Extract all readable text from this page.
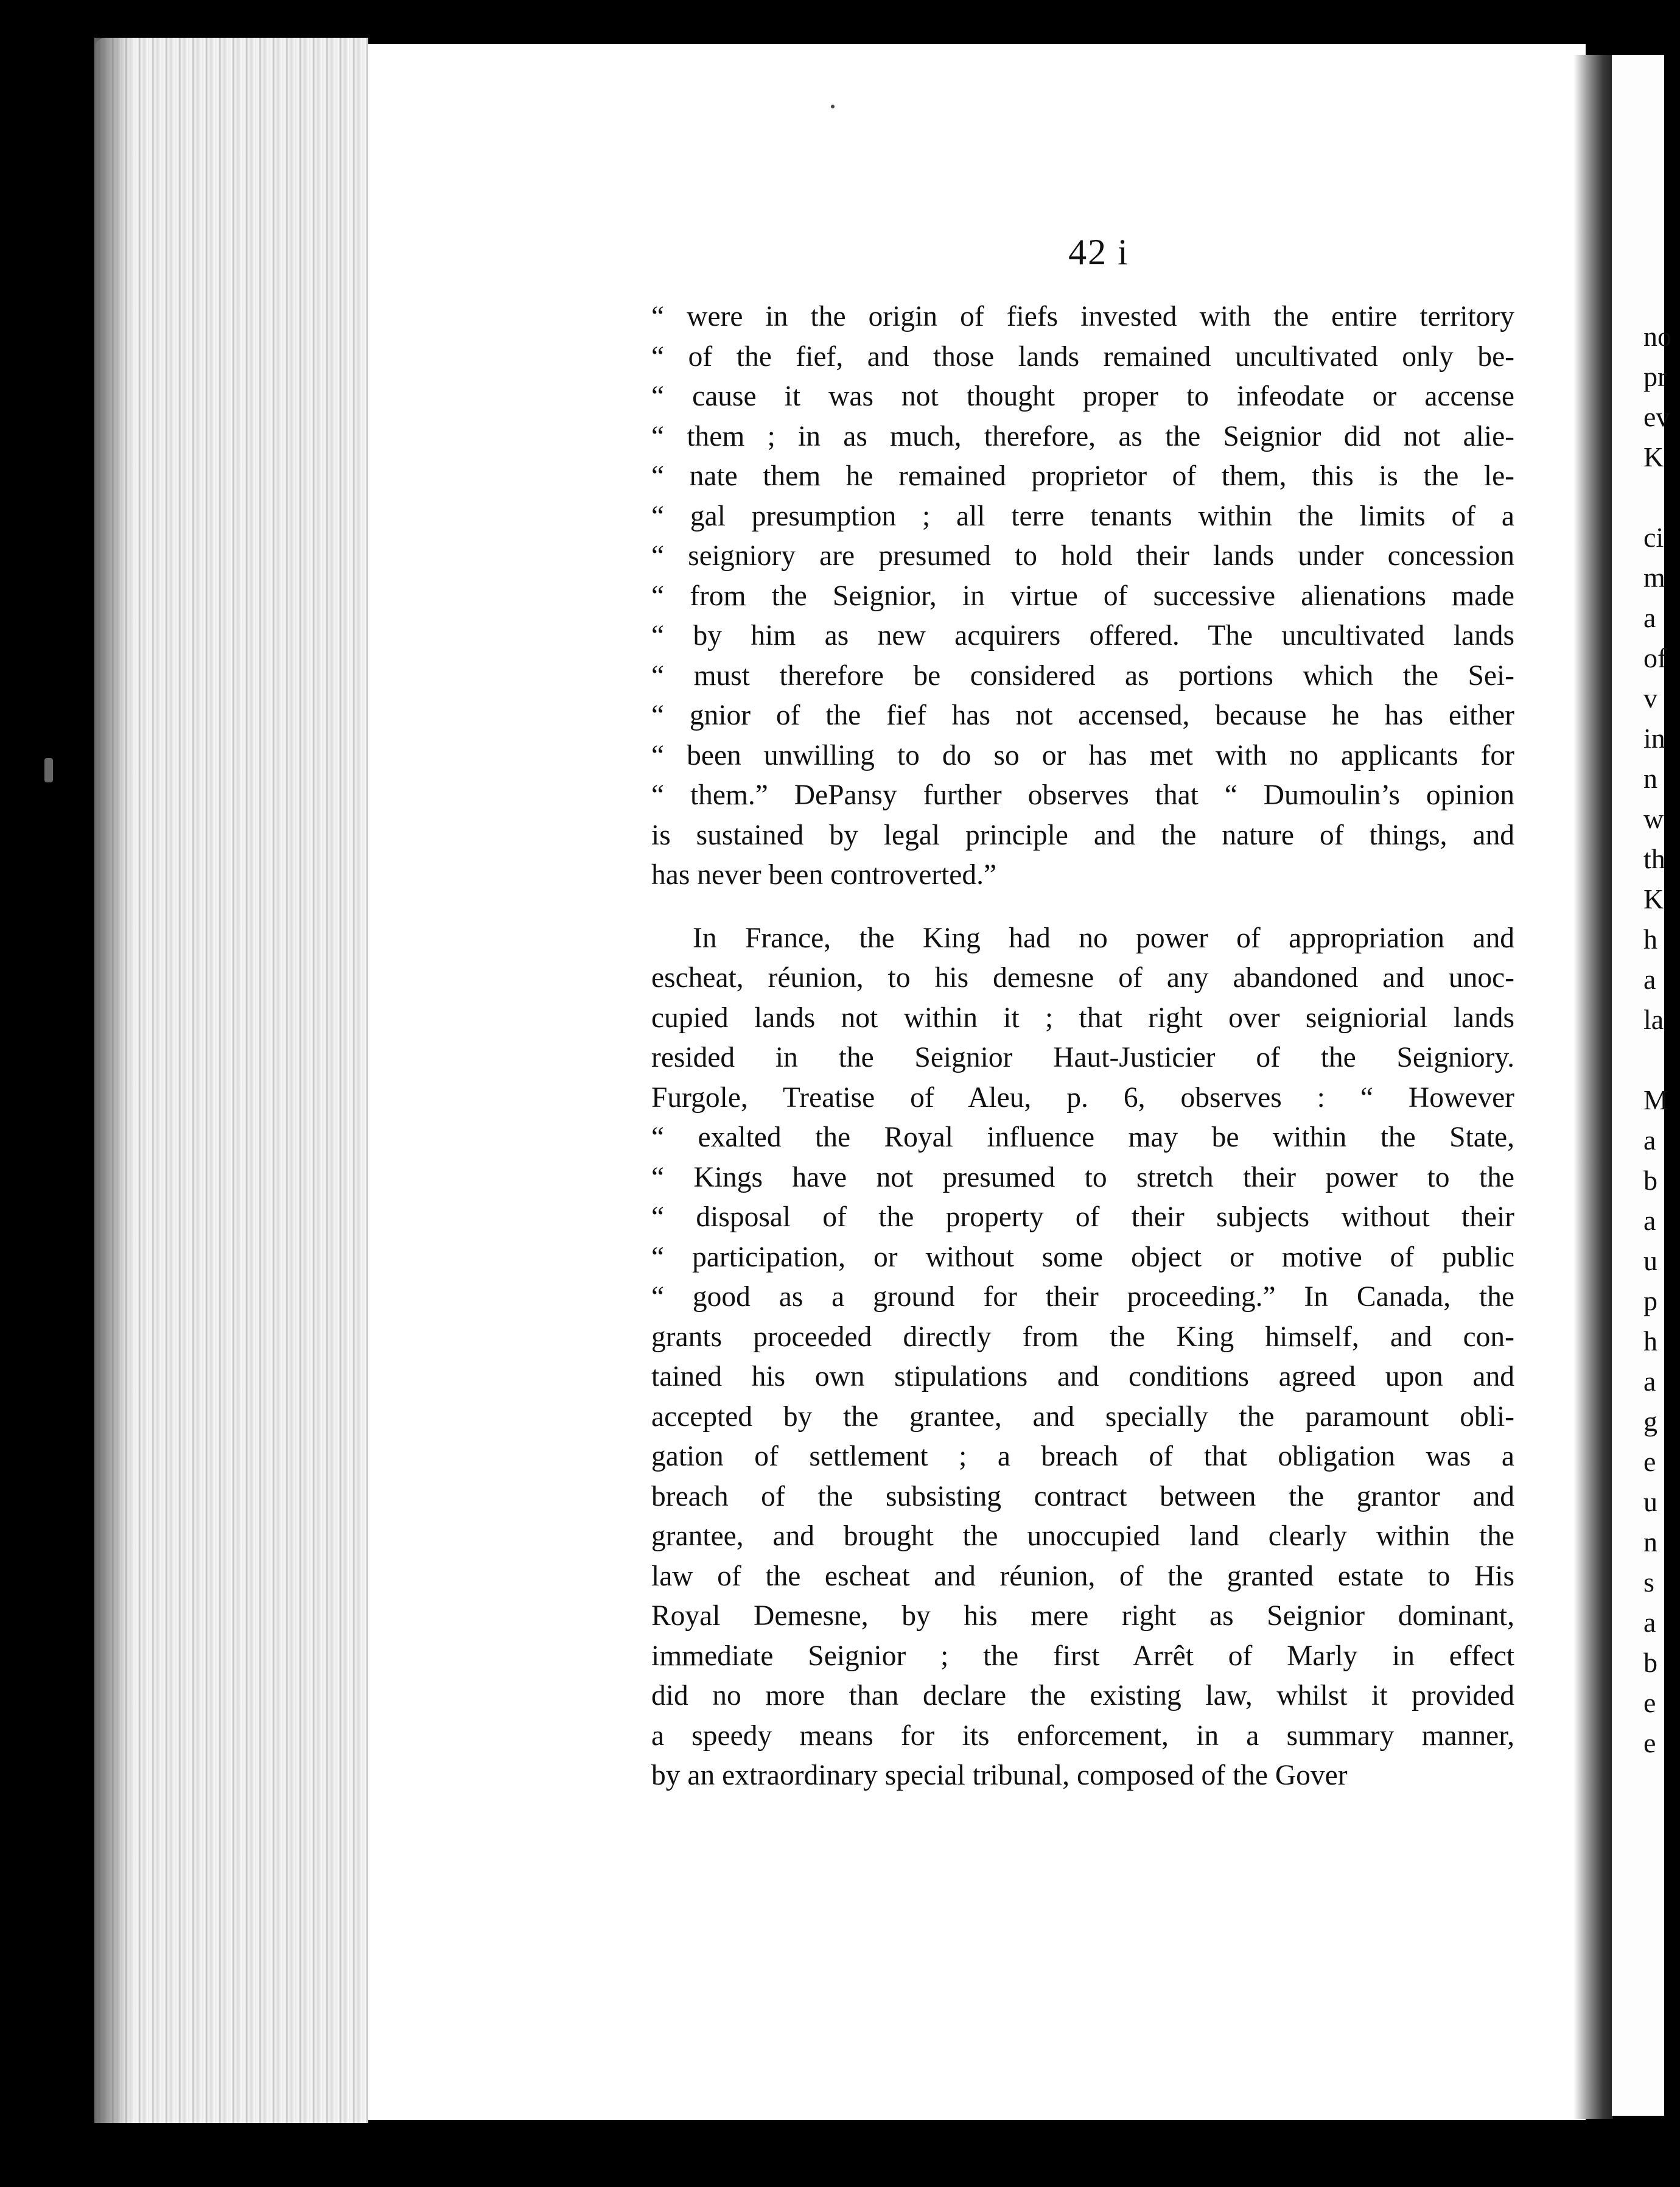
42 i
“ were in the origin of fiefs invested with the entire territory
“ of the fief, and those lands remained uncultivated only be-
“ cause it was not thought proper to infeodate or accense
“ them ; in as much, therefore, as the Seignior did not alie-
“ nate them he remained proprietor of them, this is the le-
“ gal presumption ; all terre tenants within the limits of a
“ seigniory are presumed to hold their lands under concession
“ from the Seignior, in virtue of successive alienations made
“ by him as new acquirers offered. The uncultivated lands
“ must therefore be considered as portions which the Sei-
“ gnior of the fief has not accensed, because he has either
“ been unwilling to do so or has met with no applicants for
“ them.” DePansy further observes that “ Dumoulin’s opinion
is sustained by legal principle and the nature of things, and
has never been controverted.”
In France, the King had no power of appropriation and
escheat, réunion, to his demesne of any abandoned and unoc-
cupied lands not within it ; that right over seigniorial lands
resided in the Seignior Haut-Justicier of the Seigniory.
Furgole, Treatise of Aleu, p. 6, observes : “ However
“ exalted the Royal influence may be within the State,
“ Kings have not presumed to stretch their power to the
“ disposal of the property of their subjects without their
“ participation, or without some object or motive of public
“ good as a ground for their proceeding.” In Canada, the
grants proceeded directly from the King himself, and con-
tained his own stipulations and conditions agreed upon and
accepted by the grantee, and specially the paramount obli-
gation of settlement ; a breach of that obligation was a
breach of the subsisting contract between the grantor and
grantee, and brought the unoccupied land clearly within the
law of the escheat and réunion, of the granted estate to His
Royal Demesne, by his mere right as Seignior dominant,
immediate Seignior ; the first Arrêt of Marly in effect
did no more than declare the existing law, whilst it provided
a speedy means for its enforcement, in a summary manner,
by an extraordinary special tribunal, composed of the Gover
no
pr
ev
K
ci
m
a
of
v
in
n
w
th
K
h
a
la
M
a
b
a
u
p
h
a
g
e
u
n
s
a
b
e
e
